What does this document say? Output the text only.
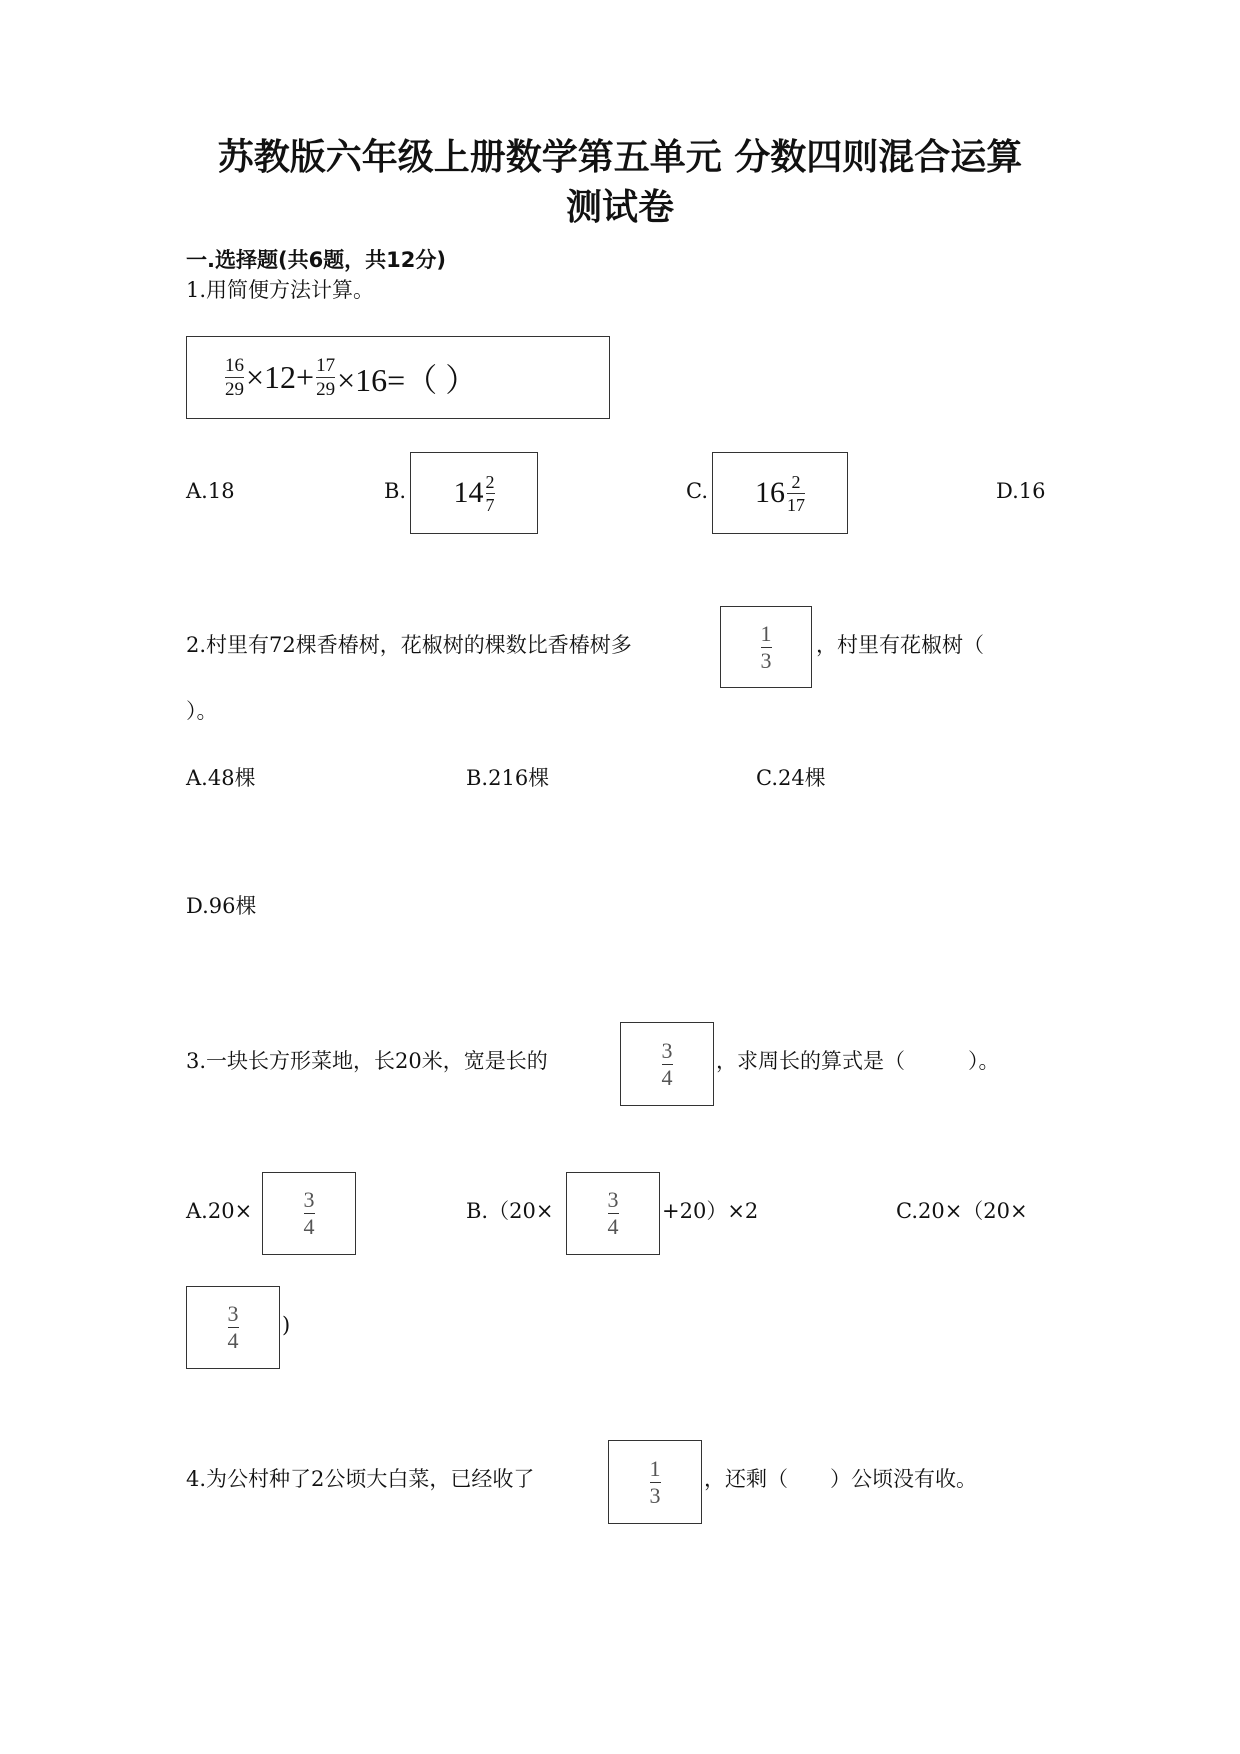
苏教版六年级上册数学第五单元 分数四则混合运算
测试卷
一.选择题(共6题，共12分)
1.用简便方法计算。
$\frac{16}{29} \times 12+ \frac{17}{29} \times 16=$（ ）
A.18	B. $14 \frac{2}{7}$	C. $16 \frac{2}{17}$	D.16
2.村里有72棵香椿树，花椒树的棵数比香椿树多	$\frac{1}{3}$ ，村里有花椒树（
）。
A.48棵	B.216棵	C.24棵
D.96棵
3.一块长方形菜地，长20米，宽是长的	$\frac{3}{4}$ ，求周长的算式是（　　　）。
$A.20\times \frac{3}{4}$	$B.(20\times \frac{3}{4} +20)\times 2$	C.20×（20×
$\frac{3}{4}$ )
4.为公村种了2公顷大白菜，已经收了	$\frac{1}{3}$ ，还剩（　　）公顷没有收。
